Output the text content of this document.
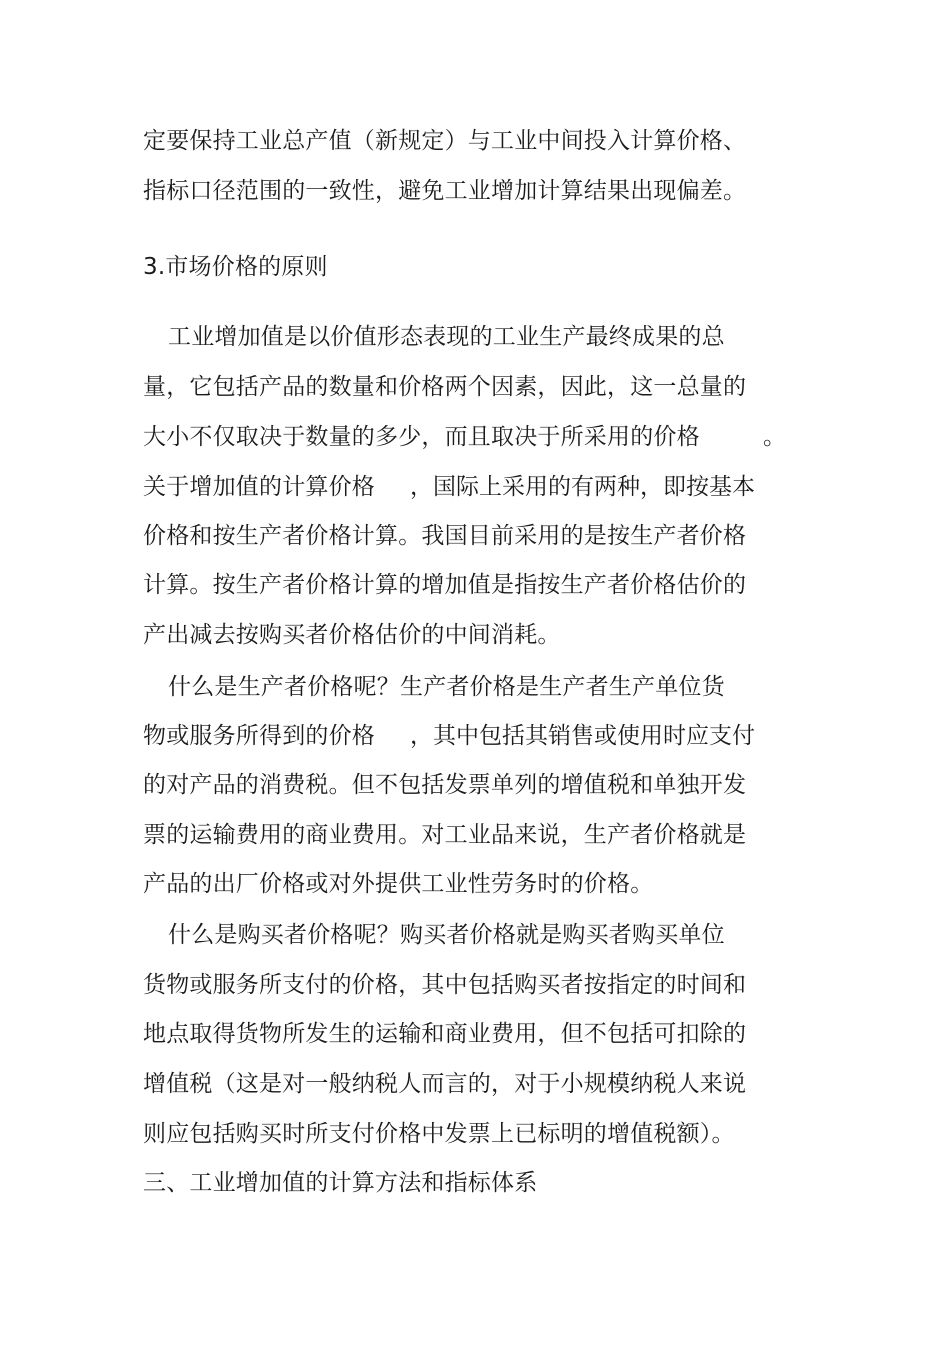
定要保持工业总产值（新规定）与工业中间投入计算价格、
指标口径范围的一致性，避免工业增加计算结果出现偏差。
3.市场价格的原则
工业增加值是以价值形态表现的工业生产最终成果的总
量，它包括产品的数量和价格两个因素，因此，这一总量的
大小不仅取决于数量的多少，而且取决于所采用的价格	。
关于增加值的计算价格 ，国际上采用的有两种，即按基本
价格和按生产者价格计算。我国目前采用的是按生产者价格
计算。按生产者价格计算的增加值是指按生产者价格估价的
产出减去按购买者价格估价的中间消耗。
什么是生产者价格呢？生产者价格是生产者生产单位货
物或服务所得到的价格 ，其中包括其销售或使用时应支付
的对产品的消费税。但不包括发票单列的增值税和单独开发
票的运输费用的商业费用。对工业品来说，生产者价格就是
产品的出厂价格或对外提供工业性劳务时的价格。
什么是购买者价格呢？购买者价格就是购买者购买单位
货物或服务所支付的价格，其中包括购买者按指定的时间和
地点取得货物所发生的运输和商业费用，但不包括可扣除的
增值税（这是对一般纳税人而言的，对于小规模纳税人来说
则应包括购买时所支付价格中发票上已标明的增值税额）。
三、工业增加值的计算方法和指标体系
